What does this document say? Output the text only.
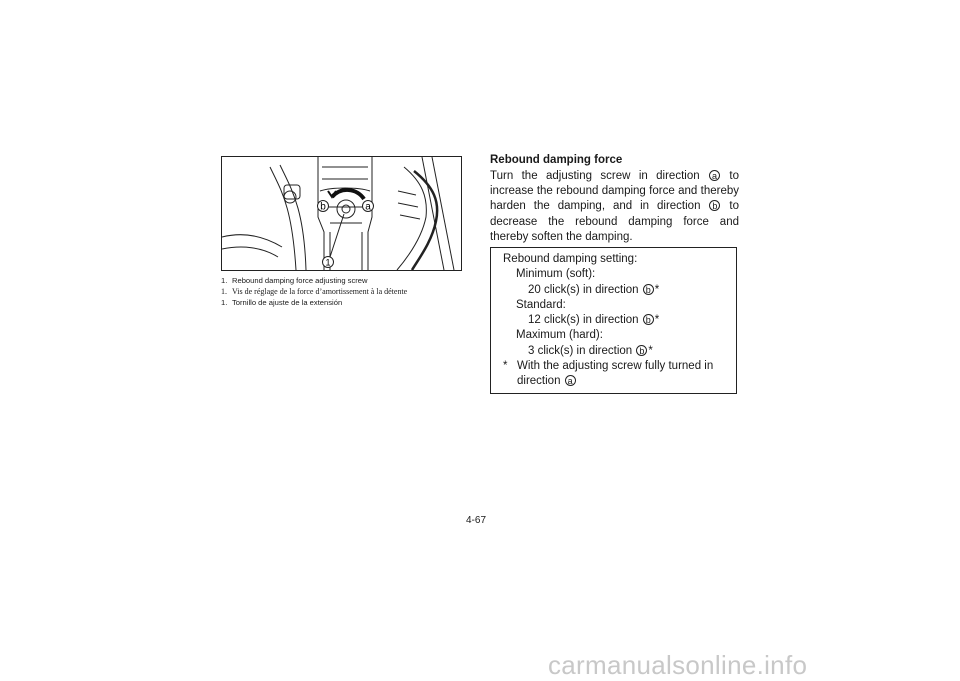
b	a
1
1. Rebound damping force adjusting screw
1. Vis de réglage de la force d’amortissement à la détente
1. Tornillo de ajuste de la extensión
Rebound damping force

Turn the adjusting screw in direction a to increase the rebound damping force and thereby harden the damping, and in direction b to decrease the rebound damping force and thereby soften the damping.

Rebound damping setting:
Minimum (soft):
20 click(s) in direction b *
Standard:
12 click(s) in direction b *
Maximum (hard):
3 click(s) in direction b *
* With the adjusting screw fully turned in direction a
4-67
carmanualsonline.info
